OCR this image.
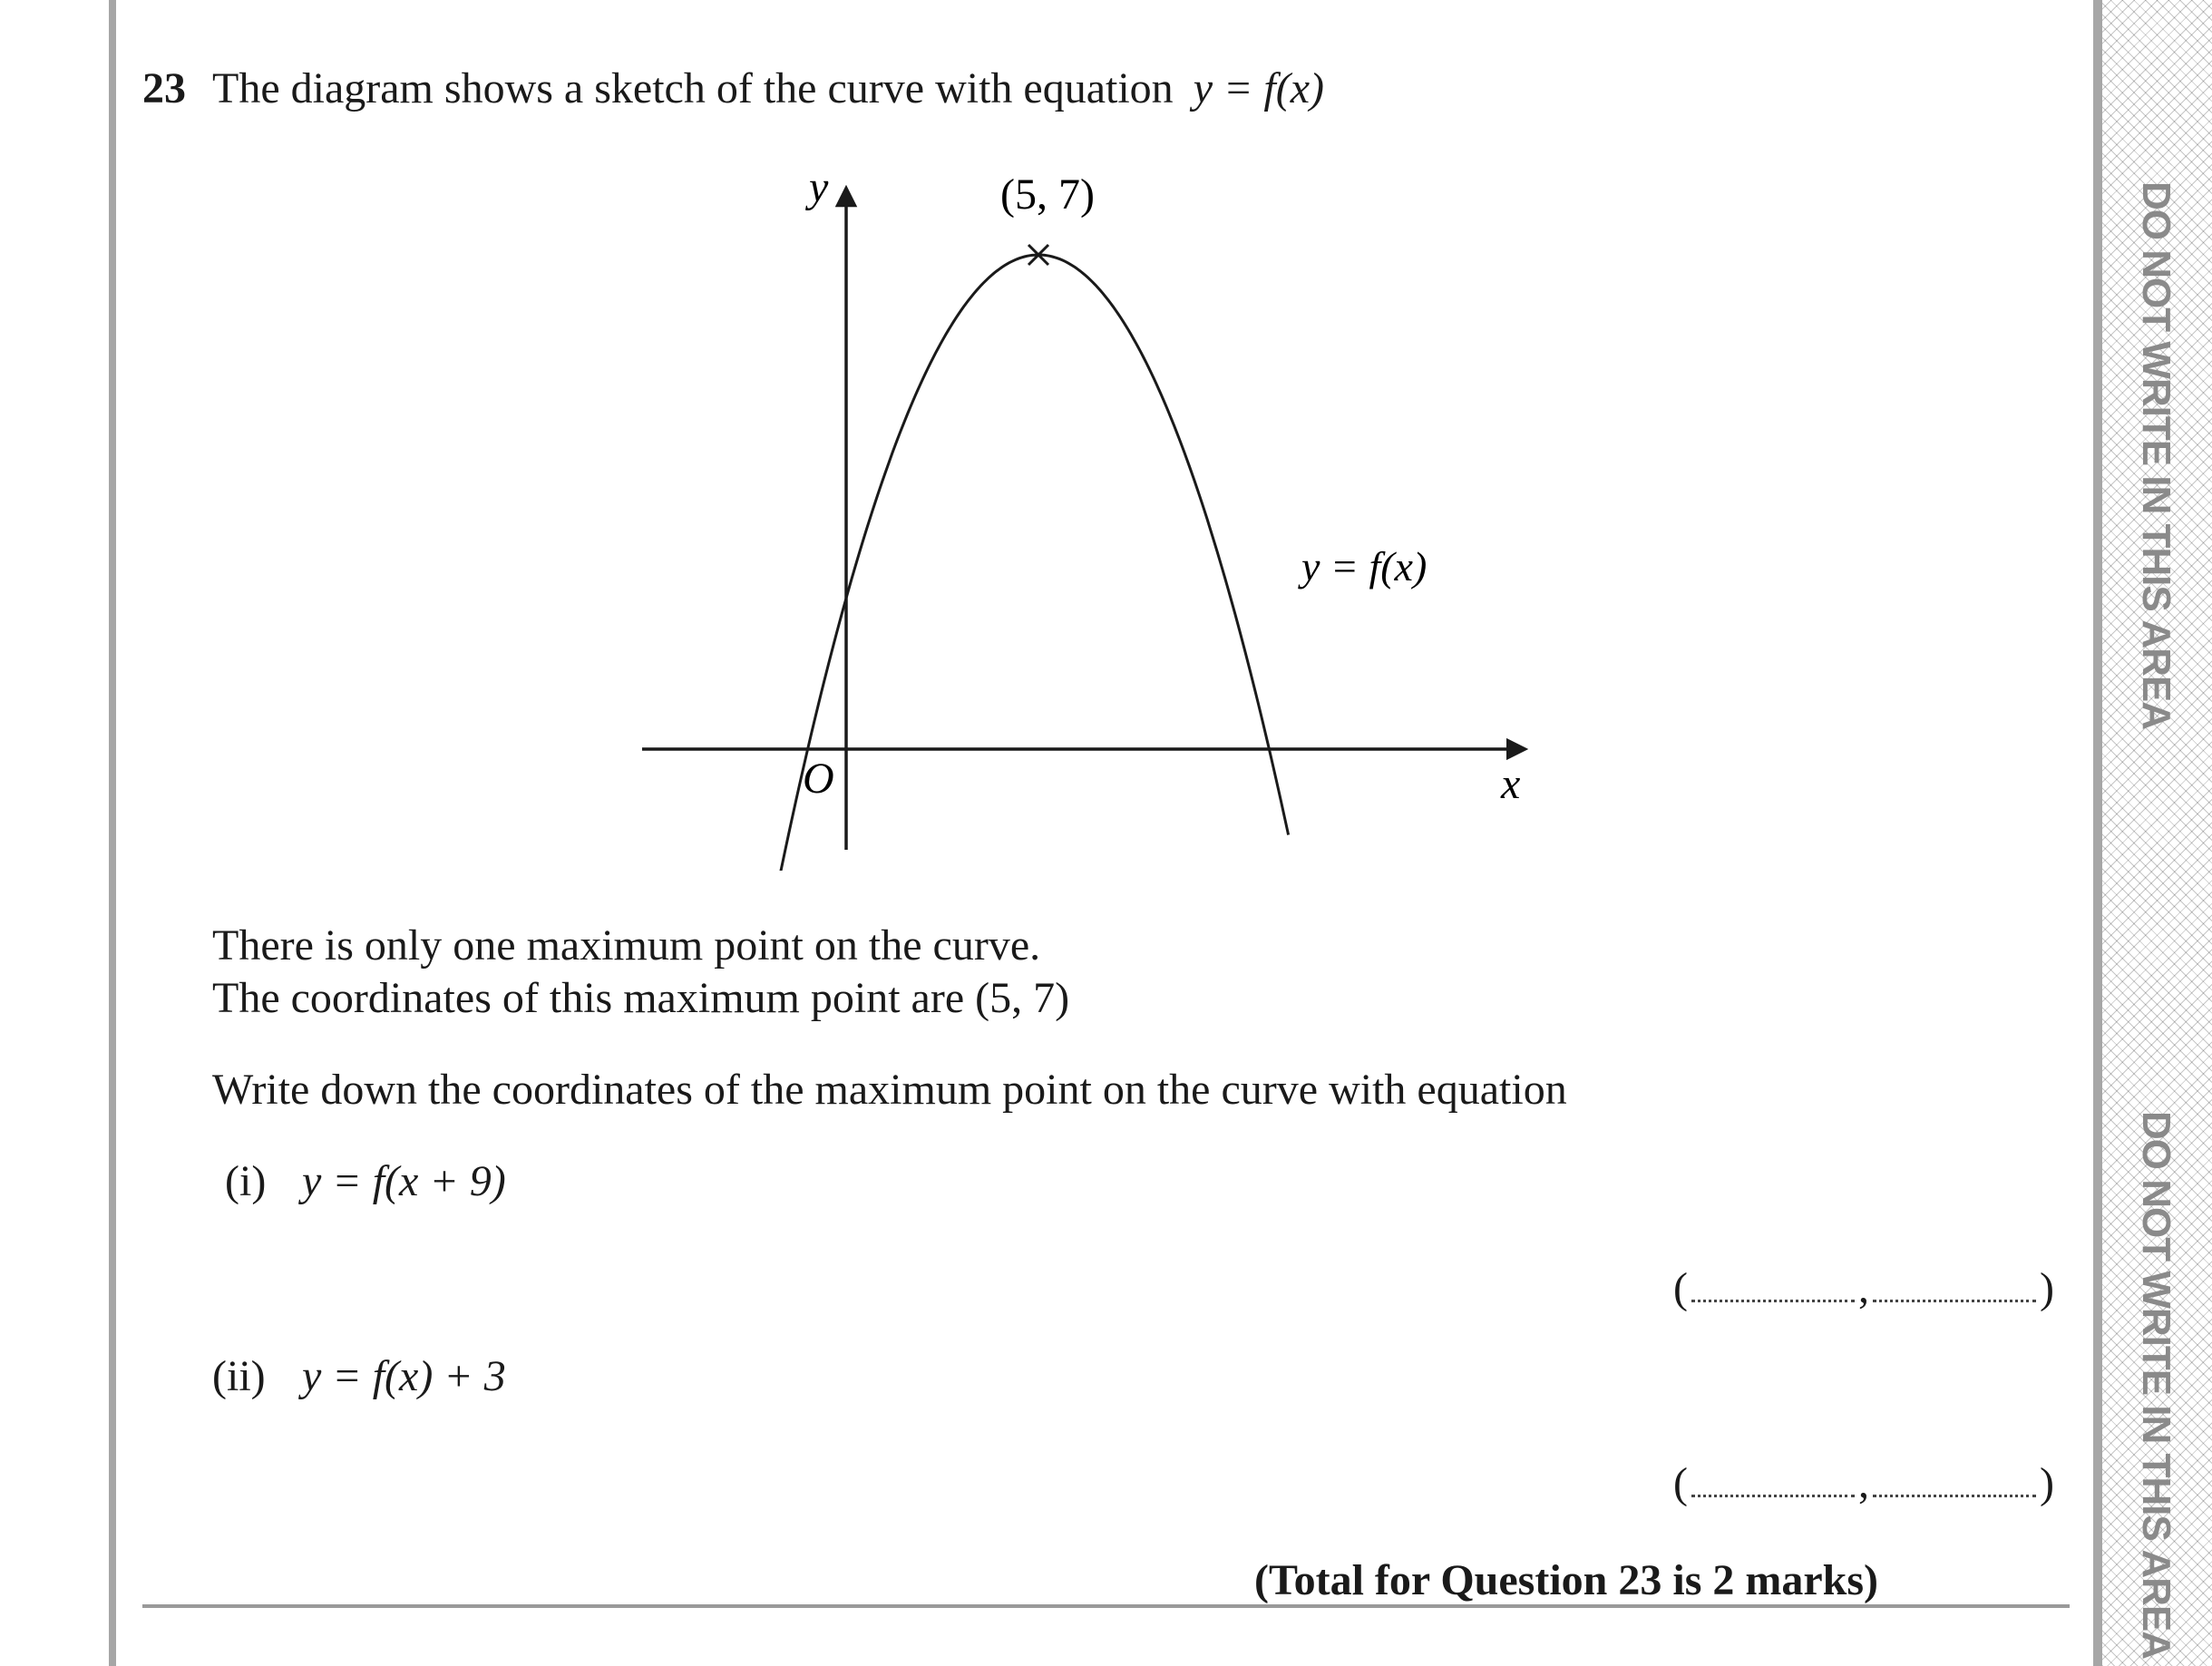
DO NOT WRITE IN THIS AREA
DO NOT WRITE IN THIS AREA
23 The diagram shows a sketch of the curve with equation y = f(x)
(5, 7)
y = f(x)
y
x
O
There is only one maximum point on the curve.
The coordinates of this maximum point are (5, 7)
Write down the coordinates of the maximum point on the curve with equation
(i) y = f(x + 9)
(	,	)
(ii) y = f(x) + 3
(	,	)
(Total for Question 23 is 2 marks)
